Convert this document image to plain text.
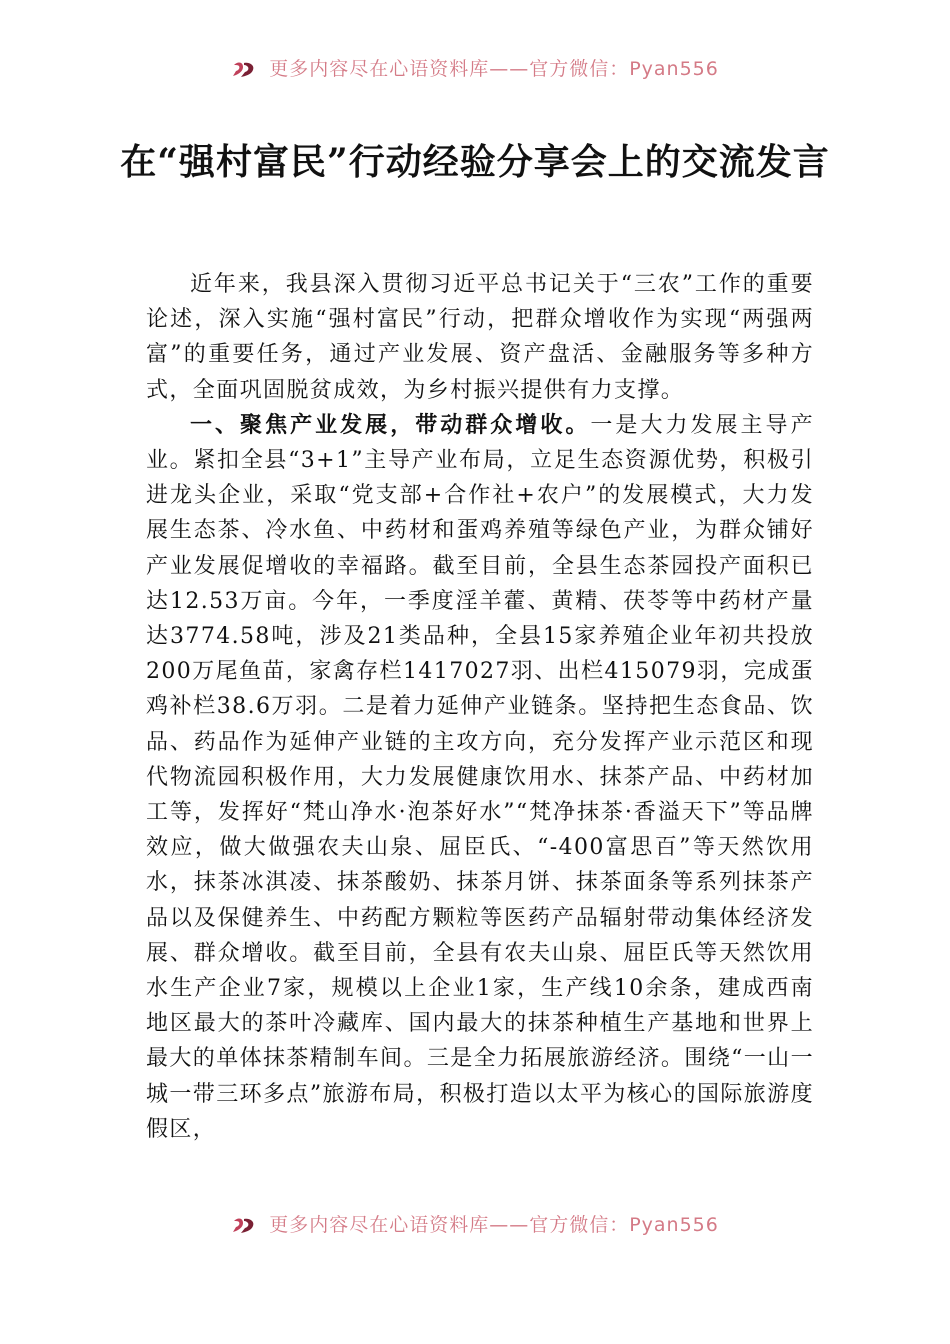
更多内容尽在心语资料库——官方微信：Pyan556
在“强村富民”行动经验分享会上的交流发言

近年来，我县深入贯彻习近平总书记关于“三农”工作的重要论述，深入实施“强村富民”行动，把群众增收作为实现“两强两富”的重要任务，通过产业发展、资产盘活、金融服务等多种方式，全面巩固脱贫成效，为乡村振兴提供有力支撑。

一、聚焦产业发展，带动群众增收。一是大力发展主导产业。紧扣全县“3+1”主导产业布局，立足生态资源优势，积极引进龙头企业，采取“党支部+合作社+农户”的发展模式，大力发展生态茶、冷水鱼、中药材和蛋鸡养殖等绿色产业，为群众铺好产业发展促增收的幸福路。截至目前，全县生态茶园投产面积已达12.53万亩。今年，一季度淫羊藿、黄精、茯苓等中药材产量达3774.58吨，涉及21类品种，全县15家养殖企业年初共投放200万尾鱼苗，家禽存栏1417027羽、出栏415079羽，完成蛋鸡补栏38.6万羽。二是着力延伸产业链条。坚持把生态食品、饮品、药品作为延伸产业链的主攻方向，充分发挥产业示范区和现代物流园积极作用，大力发展健康饮用水、抹茶产品、中药材加工等，发挥好“梵山净水·泡茶好水”“梵净抹茶·香溢天下”等品牌效应，做大做强农夫山泉、屈臣氏、“-400富思百”等天然饮用水，抹茶冰淇凌、抹茶酸奶、抹茶月饼、抹茶面条等系列抹茶产品以及保健养生、中药配方颗粒等医药产品辐射带动集体经济发展、群众增收。截至目前，全县有农夫山泉、屈臣氏等天然饮用水生产企业7家，规模以上企业1家，生产线10余条，建成西南地区最大的茶叶冷藏库、国内最大的抹茶种植生产基地和世界上最大的单体抹茶精制车间。三是全力拓展旅游经济。围绕“一山一城一带三环多点”旅游布局，积极打造以太平为核心的国际旅游度假区，

更多内容尽在心语资料库——官方微信：Pyan556
